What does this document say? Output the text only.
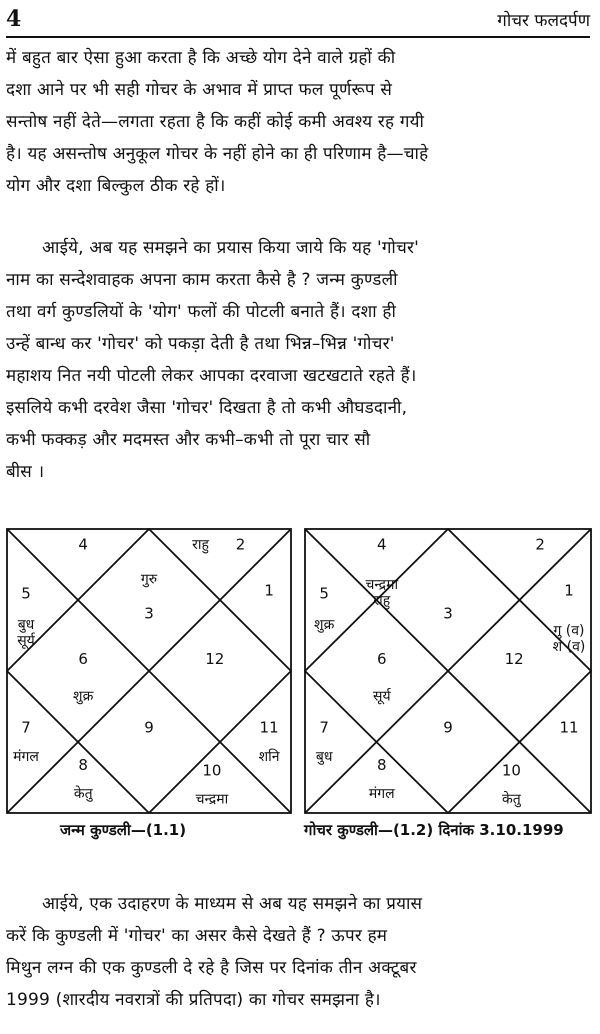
4	गोचर फलदर्पण

में बहुत बार ऐसा हुआ करता है कि अच्छे योग देने वाले ग्रहों की
दशा आने पर भी सही गोचर के अभाव में प्राप्त फल पूर्णरूप से
सन्तोष नहीं देते—लगता रहता है कि कहीं कोई कमी अवश्य रह गयी
है। यह असन्तोष अनुकूल गोचर के नहीं होने का ही परिणाम है—चाहे
योग और दशा बिल्कुल ठीक रहे हों।

आईये, अब यह समझने का प्रयास किया जाये कि यह 'गोचर'
नाम का सन्देशवाहक अपना काम करता कैसे है ? जन्म कुण्डली
तथा वर्ग कुण्डलियों के 'योग' फलों की पोटली बनाते हैं। दशा ही
उन्हें बान्ध कर 'गोचर' को पकड़ा देती है तथा भिन्न–भिन्न 'गोचर'
महाशय नित नयी पोटली लेकर आपका दरवाजा खटखटाते रहते हैं।
इसलिये कभी दरवेश जैसा 'गोचर' दिखता है तो कभी औघडदानी,
कभी फक्कड़ और मदमस्त और कभी–कभी तो पूरा चार सौ
बीस ।

4	2
राहु
1
3
गुरु
5
बुध
सूर्य
6
शुक्र
12
9
7
मंगल
11
शनि
8
केतु
10
चन्द्रमा
4
चन्द्रमा
राहु
2
1
गु (व)
श (व)
3
5
शुक्र
6
सूर्य
12
9
7
बुध
11
8
मंगल
10
केतु
जन्म कुण्डली—(1.1)	गोचर कुण्डली—(1.2) दिनांक 3.10.1999

आईये, एक उदाहरण के माध्यम से अब यह समझने का प्रयास
करें कि कुण्डली में 'गोचर' का असर कैसे देखते हैं ? ऊपर हम
मिथुन लग्न की एक कुण्डली दे रहे है जिस पर दिनांक तीन अक्टूबर
1999 (शारदीय नवरात्रों की प्रतिपदा) का गोचर समझना है।
